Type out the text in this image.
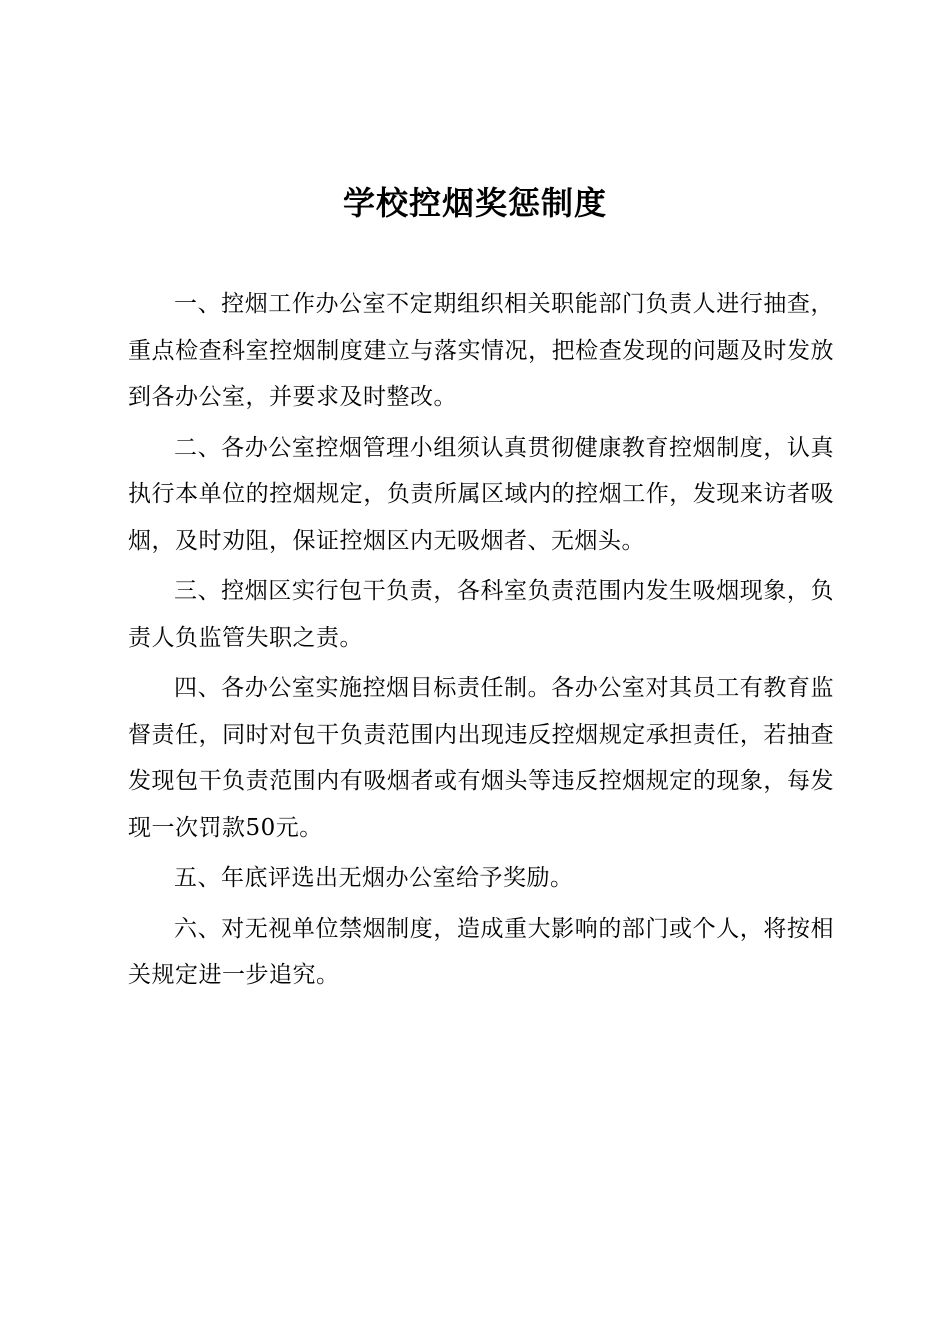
学校控烟奖惩制度

一、控烟工作办公室不定期组织相关职能部门负责人进行抽查，重点检查科室控烟制度建立与落实情况，把检查发现的问题及时发放到各办公室，并要求及时整改。

二、各办公室控烟管理小组须认真贯彻健康教育控烟制度，认真执行本单位的控烟规定，负责所属区域内的控烟工作，发现来访者吸烟，及时劝阻，保证控烟区内无吸烟者、无烟头。

三、控烟区实行包干负责，各科室负责范围内发生吸烟现象，负责人负监管失职之责。

四、各办公室实施控烟目标责任制。各办公室对其员工有教育监督责任，同时对包干负责范围内出现违反控烟规定承担责任，若抽查发现包干负责范围内有吸烟者或有烟头等违反控烟规定的现象，每发现一次罚款50元。

五、年底评选出无烟办公室给予奖励。

六、对无视单位禁烟制度，造成重大影响的部门或个人，将按相关规定进一步追究。
